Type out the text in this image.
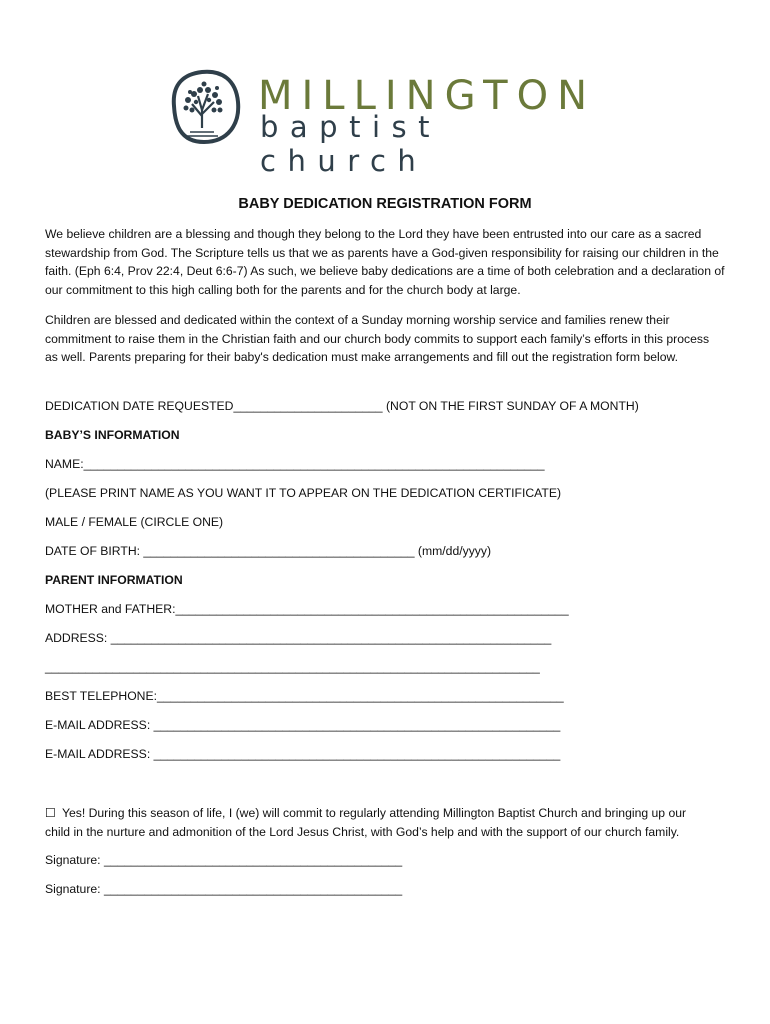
MILLINGTON
baptist church
BABY DEDICATION REGISTRATION FORM
We believe children are a blessing and though they belong to the Lord they have been entrusted into our care as a sacred stewardship from God. The Scripture tells us that we as parents have a God-given responsibility for raising our children in the faith. (Eph 6:4, Prov 22:4, Deut 6:6-7) As such, we believe baby dedications are a time of both celebration and a declaration of our commitment to this high calling both for the parents and for the church body at large.
Children are blessed and dedicated within the context of a Sunday morning worship service and families renew their commitment to raise them in the Christian faith and our church body commits to support each family’s efforts in this process as well. Parents preparing for their baby's dedication must make arrangements and fill out the registration form below.
DEDICATION DATE REQUESTED______________________ (NOT ON THE FIRST SUNDAY OF A MONTH)
BABY’S INFORMATION
NAME:____________________________________________________________________
(PLEASE PRINT NAME AS YOU WANT IT TO APPEAR ON THE DEDICATION CERTIFICATE)
MALE / FEMALE (CIRCLE ONE)
DATE OF BIRTH: ________________________________________ (mm/dd/yyyy)
PARENT INFORMATION
MOTHER and FATHER:__________________________________________________________
ADDRESS: _________________________________________________________________
_________________________________________________________________________
BEST TELEPHONE:____________________________________________________________
E-MAIL ADDRESS: ____________________________________________________________
E-MAIL ADDRESS: ____________________________________________________________
☐ Yes! During this season of life, I (we) will commit to regularly attending Millington Baptist Church and bringing up our
child in the nurture and admonition of the Lord Jesus Christ, with God’s help and with the support of our church family.
Signature: ____________________________________________
Signature: ____________________________________________
